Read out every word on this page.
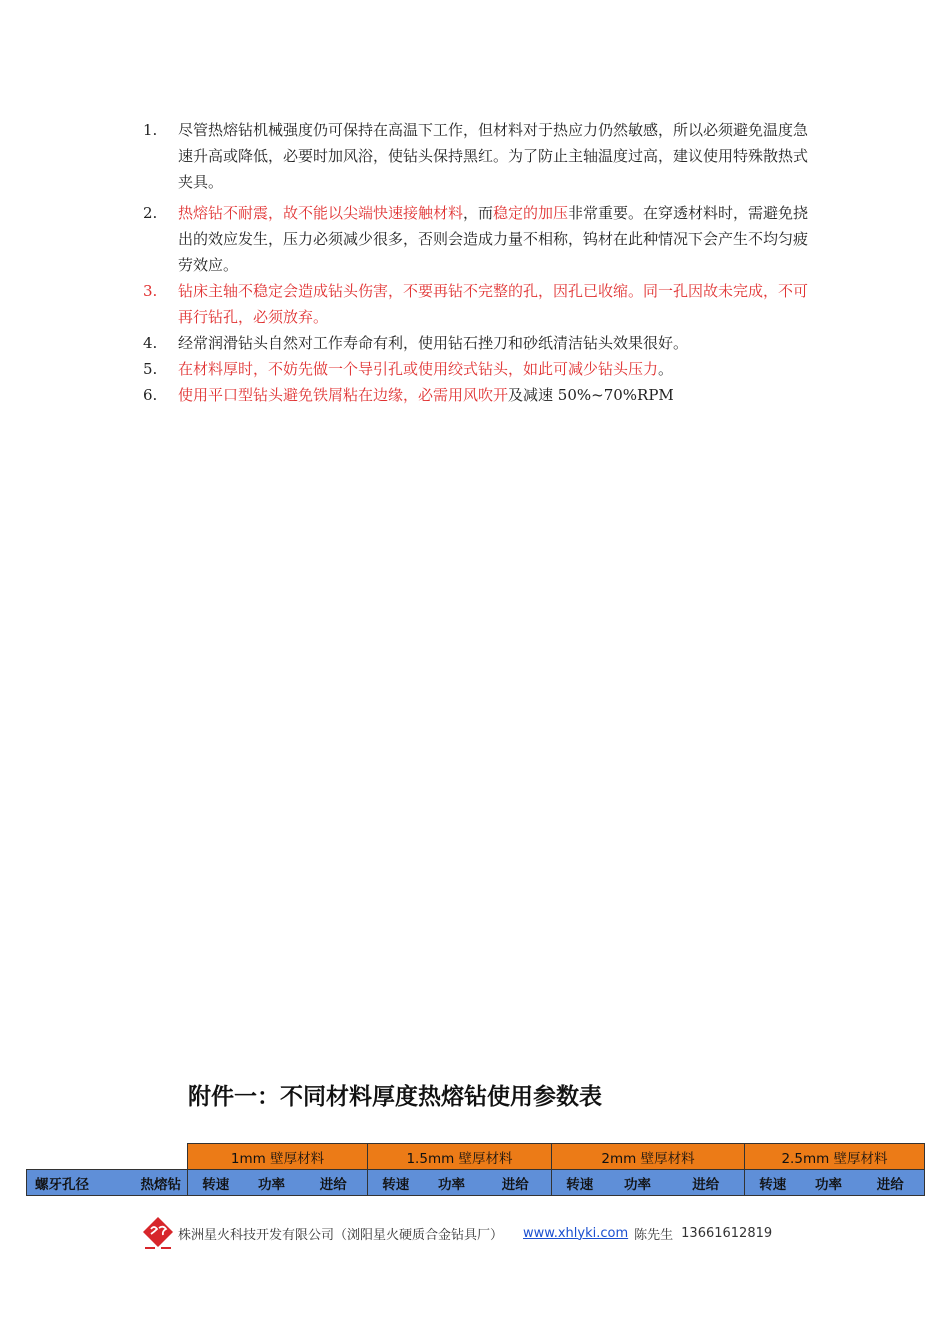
1.	尽管热熔钻机械强度仍可保持在高温下工作，但材料对于热应力仍然敏感，所以必须避免温度急速升高或降低，必要时加风浴，使钻头保持黑红。为了防止主轴温度过高，建议使用特殊散热式夹具。
2.	热熔钻不耐震，故不能以尖端快速接触材料，而稳定的加压非常重要。在穿透材料时，需避免挠出的效应发生，压力必须减少很多，否则会造成力量不相称，钨材在此种情况下会产生不均匀疲劳效应。
3.	钻床主轴不稳定会造成钻头伤害，不要再钻不完整的孔，因孔已收缩。同一孔因故未完成，不可再行钻孔，必须放弃。
4.	经常润滑钻头自然对工作寿命有利，使用钻石挫刀和砂纸清洁钻头效果很好。
5.	在材料厚时，不妨先做一个导引孔或使用绞式钻头，如此可减少钻头压力。
6.	使用平口型钻头避免铁屑粘在边缘，必需用风吹开及减速 50%~70%RPM
附件一：不同材料厚度热熔钻使用参数表
		1mm 壁厚材料			1.5mm 壁厚材料			2mm 壁厚材料			2.5mm 壁厚材料		
螺牙孔径	热熔钻	转速	功率	进给	转速	功率	进给	转速	功率	进给	转速	功率	进给
株洲星火科技开发有限公司（浏阳星火硬质合金钻具厂） www.xhlyki.com 陈先生 13661612819
